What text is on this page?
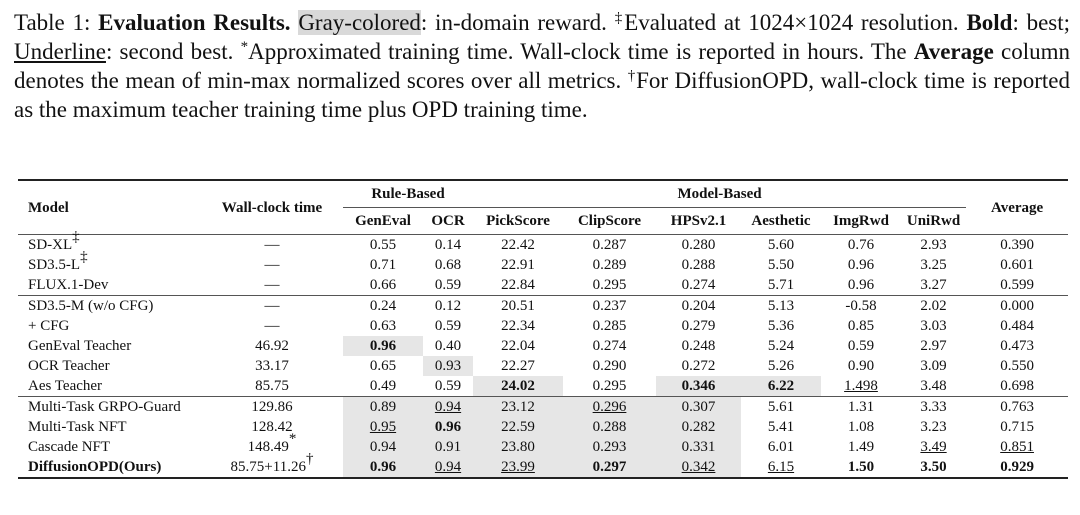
Table 1: Evaluation Results. Gray-colored: in-domain reward. ‡Evaluated at 1024×1024 resolution. Bold: best; Underline: second best. *Approximated training time. Wall-clock time is reported in hours. The Average column denotes the mean of min-max normalized scores over all metrics. †For DiffusionOPD, wall-clock time is reported as the maximum teacher training time plus OPD training time.

Model	Wall-clock time	Rule-Based		Model-Based						Average
		GenEval	OCR	PickScore	ClipScore	HPSv2.1	Aesthetic	ImgRwd	UniRwd	
SD-XL‡	—	0.55	0.14	22.42	0.287	0.280	5.60	0.76	2.93	0.390
SD3.5-L‡	—	0.71	0.68	22.91	0.289	0.288	5.50	0.96	3.25	0.601
FLUX.1-Dev	—	0.66	0.59	22.84	0.295	0.274	5.71	0.96	3.27	0.599
SD3.5-M (w/o CFG)	—	0.24	0.12	20.51	0.237	0.204	5.13	-0.58	2.02	0.000
+ CFG	—	0.63	0.59	22.34	0.285	0.279	5.36	0.85	3.03	0.484
GenEval Teacher	46.92	0.96	0.40	22.04	0.274	0.248	5.24	0.59	2.97	0.473
OCR Teacher	33.17	0.65	0.93	22.27	0.290	0.272	5.26	0.90	3.09	0.550
Aes Teacher	85.75	0.49	0.59	24.02	0.295	0.346	6.22	1.498	3.48	0.698
Multi-Task GRPO-Guard	129.86	0.89	0.94	23.12	0.296	0.307	5.61	1.31	3.33	0.763
Multi-Task NFT	128.42	0.95	0.96	22.59	0.288	0.282	5.41	1.08	3.23	0.715
Cascade NFT	148.49*	0.94	0.91	23.80	0.293	0.331	6.01	1.49	3.49	0.851
DiffusionOPD(Ours)	85.75+11.26†	0.96	0.94	23.99	0.297	0.342	6.15	1.50	3.50	0.929
